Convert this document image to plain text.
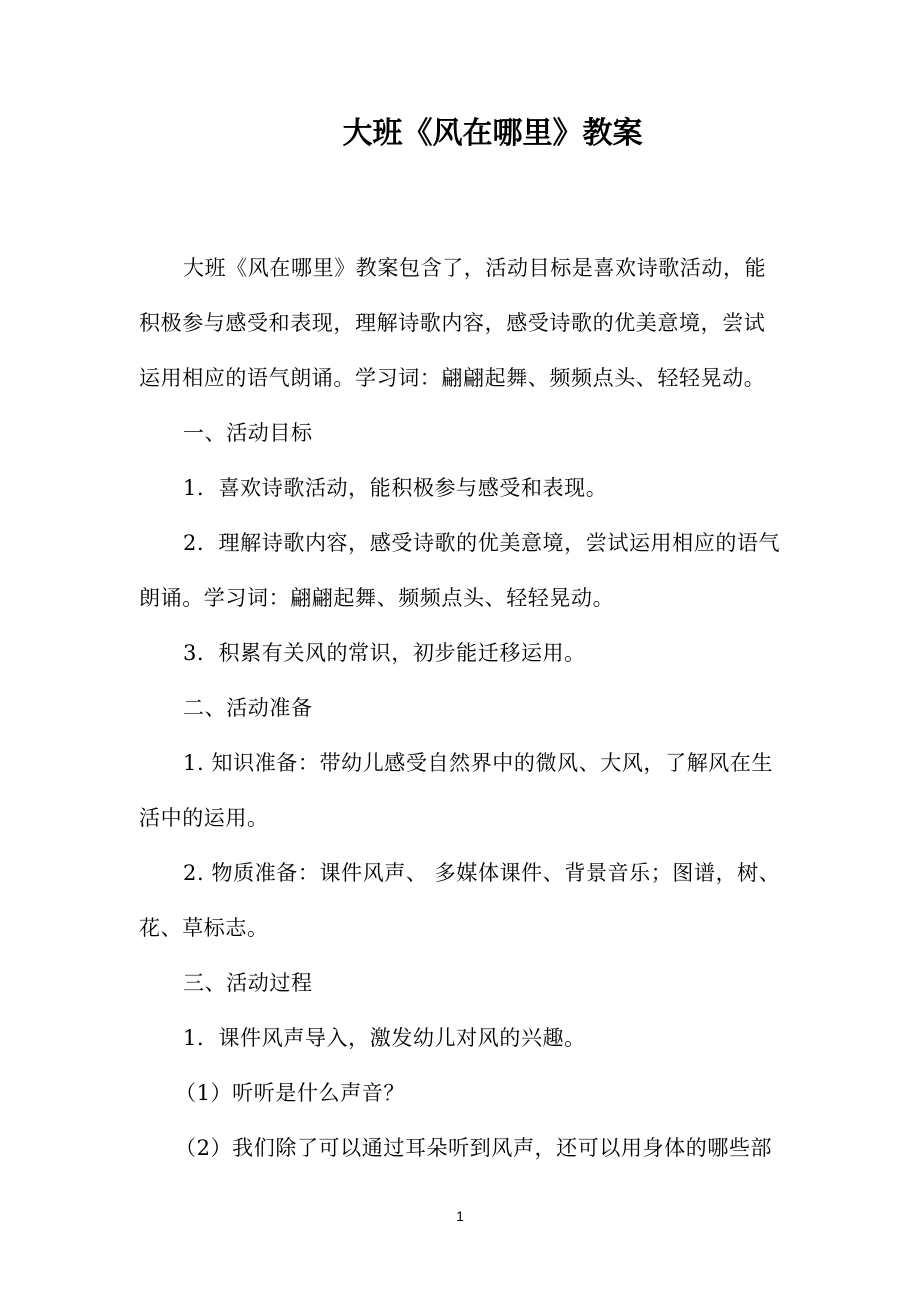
大班《风在哪里》教案

大班《风在哪里》教案包含了，活动目标是喜欢诗歌活动，能积极参与感受和表现，理解诗歌内容，感受诗歌的优美意境，尝试运用相应的语气朗诵。学习词：翩翩起舞、频频点头、轻轻晃动。

一、活动目标

1．喜欢诗歌活动，能积极参与感受和表现。

2．理解诗歌内容，感受诗歌的优美意境，尝试运用相应的语气朗诵。学习词：翩翩起舞、频频点头、轻轻晃动。

3．积累有关风的常识，初步能迁移运用。

二、活动准备

1. 知识准备：带幼儿感受自然界中的微风、大风，了解风在生活中的运用。

2. 物质准备：课件风声、 多媒体课件、背景音乐；图谱，树、花、草标志。

三、活动过程

1．课件风声导入，激发幼儿对风的兴趣。

（1）听听是什么声音？

（2）我们除了可以通过耳朵听到风声，还可以用身体的哪些部

1
